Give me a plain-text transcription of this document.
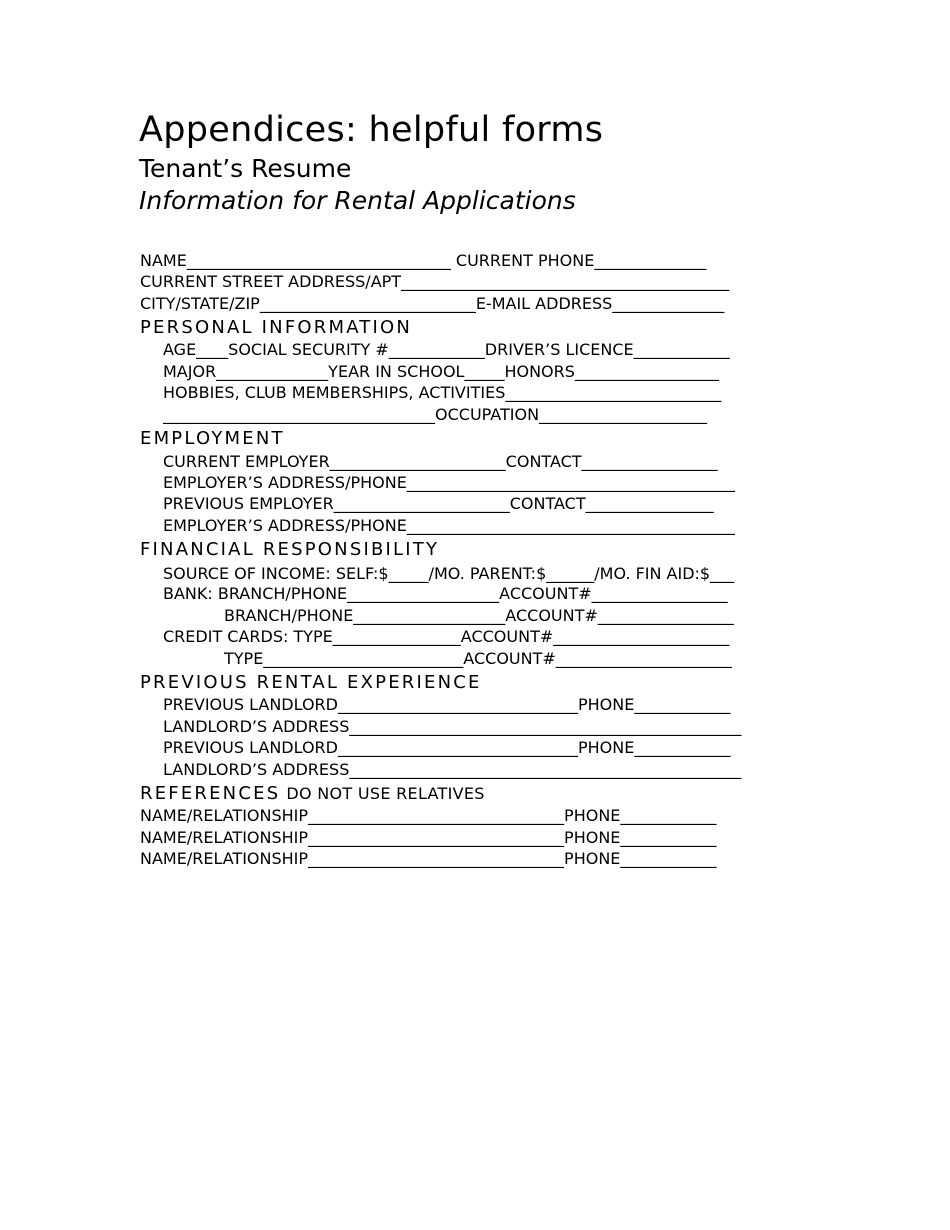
Appendices: helpful forms
Tenant’s Resume
Information for Rental Applications
NAME_________________________________ CURRENT PHONE______________
CURRENT STREET ADDRESS/APT_________________________________________
CITY/STATE/ZIP___________________________E-MAIL ADDRESS______________
PERSONAL INFORMATION
AGE____SOCIAL SECURITY #____________DRIVER’S LICENCE____________
MAJOR______________YEAR IN SCHOOL_____HONORS__________________
HOBBIES, CLUB MEMBERSHIPS, ACTIVITIES___________________________
__________________________________OCCUPATION_____________________
EMPLOYMENT
CURRENT EMPLOYER______________________CONTACT_________________
EMPLOYER’S ADDRESS/PHONE_________________________________________
PREVIOUS EMPLOYER______________________CONTACT________________
EMPLOYER’S ADDRESS/PHONE_________________________________________
FINANCIAL RESPONSIBILITY
SOURCE OF INCOME: SELF:$_____/MO. PARENT:$______/MO. FIN AID:$___
BANK: BRANCH/PHONE___________________ACCOUNT#_________________
BRANCH/PHONE___________________ACCOUNT#_________________
CREDIT CARDS: TYPE________________ACCOUNT#______________________
TYPE_________________________ACCOUNT#______________________
PREVIOUS RENTAL EXPERIENCE
PREVIOUS LANDLORD______________________________PHONE____________
LANDLORD’S ADDRESS_________________________________________________
PREVIOUS LANDLORD______________________________PHONE____________
LANDLORD’S ADDRESS_________________________________________________
REFERENCES DO NOT USE RELATIVES
NAME/RELATIONSHIP________________________________PHONE____________
NAME/RELATIONSHIP________________________________PHONE____________
NAME/RELATIONSHIP________________________________PHONE____________
